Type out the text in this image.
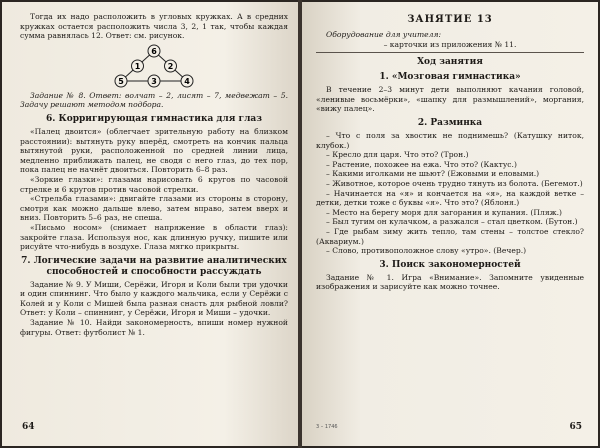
Тогда их надо расположить в угловых кружках. А в средних кружках остается расположить числа 3, 2, 1 так, чтобы каждая сумма равнялась 12. Ответ: см. рисунок.

6
1	2
5	3	4

Задание № 8. Ответ: волчат – 2, лисят – 7, медвежат – 5. Задачу решают методом подбора.

6. Корригирующая гимнастика для глаз

«Палец двоится» (облегчает зрительную работу на близком расстоянии): вытянуть руку вперёд, смотреть на кончик пальца вытянутой руки, расположенной по средней линии лица, медленно приближать палец, не сводя с него глаз, до тех пор, пока палец не начнёт двоиться. Повторить 6–8 раз.

«Зоркие глазки»: глазами нарисовать 6 кругов по часовой стрелке и 6 кругов против часовой стрелки.

«Стрельба глазами»: двигайте глазами из стороны в сторону, смотря как можно дальше влево, затем вправо, затем вверх и вниз. Повторить 5–6 раз, не спеша.

«Письмо носом» (снимает напряжение в области глаз): закройте глаза. Используя нос, как длинную ручку, пишите или рисуйте что-нибудь в воздухе. Глаза мягко прикрыты.

7. Логические задачи на развитие аналитических способностей и способности рассуждать

Задание № 9. У Миши, Серёжи, Игоря и Коли были три удочки и один спиннинг. Что было у каждого мальчика, если у Серёжи с Колей и у Коли с Мишей была разная снасть для рыбной ловли? Ответ: у Коли – спиннинг, у Серёжи, Игоря и Миши – удочки.

Задание № 10. Найди закономерность, впиши номер нужной фигуры. Ответ: футболист № 1.

64
ЗАНЯТИЕ 13

Оборудование для учителя:

– карточки из приложения № 11.

Ход занятия
1. «Мозговая гимнастика»

В течение 2–3 минут дети выполняют качания головой, «ленивые восьмёрки», «шапку для размышлений», моргания, «вижу палец».

2. Разминка

– Что с поля за хвостик не поднимешь? (Катушку ниток, клубок.)

– Кресло для царя. Что это? (Трон.)

– Растение, похожее на ежа. Что это? (Кактус.)

– Какими иголками не шьют? (Ежовыми и еловыми.)

– Животное, которое очень трудно тянуть из болота. (Бегемот.)

– Начинается на «я» и кончается на «я», на каждой ветке – детки, детки тоже с буквы «я». Что это? (Яблоня.)

– Место на берегу моря для загорания и купания. (Пляж.)

– Был тугим он кулачком, а разжался – стал цветком. (Бутон.)

– Где рыбам зиму жить тепло, там стены – толстое стекло? (Аквариум.)

– Слово, противоположное слову «утро». (Вечер.)

3. Поиск закономерностей

Задание № 1. Игра «Внимание». Запомните увиденные изображения и зарисуйте как можно точнее.

3 – 1746	65
